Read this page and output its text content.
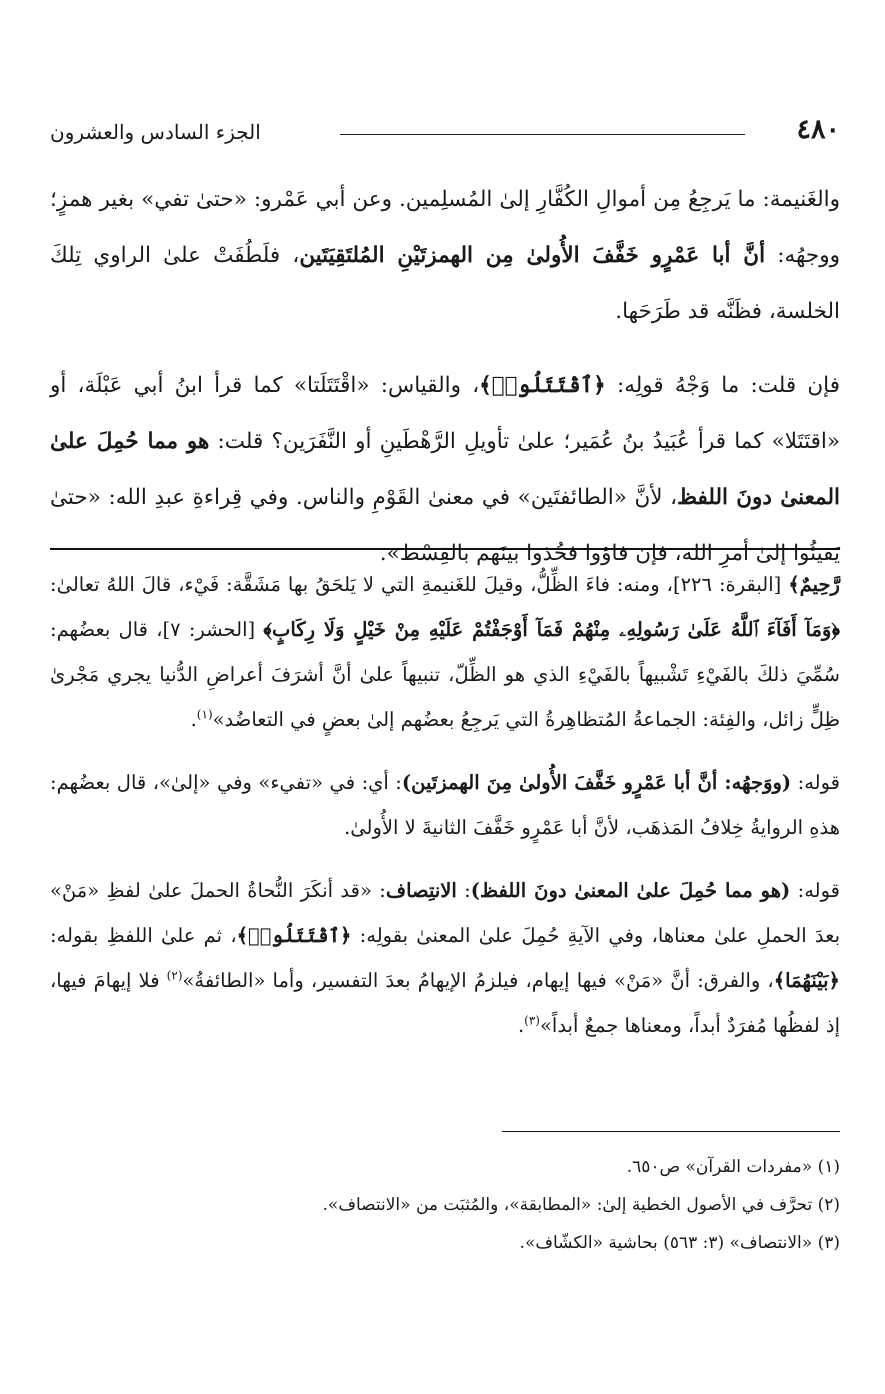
٤٨٠
الجزء السادس والعشرون

والغَنيمة: ما يَرجِعُ مِن أموالِ الكُفَّارِ إلىٰ المُسلِمين. وعن أبي عَمْرو: «حتىٰ تفي» بغير همزٍ؛ ووجهُه: أنَّ أبا عَمْرٍو خَفَّفَ الأُولىٰ مِن الهمزتَيْنِ المُلتَقِيَتَين، فلَطُفَتْ علىٰ الراوي تِلكَ الخلسة، فظَنَّه قد طَرَحَها.

فإن قلت: ما وَجْهُ قولِه: ﴿ٱقْتَتَلُوا۟﴾، والقياس: «اقْتَتَلَتا» كما قرأ ابنُ أبي عَبْلَة، أو «اقتَتَلا» كما قرأ عُبَيدُ بنُ عُمَير؛ علىٰ تأويلِ الرَّهْطَينِ أو النَّفَرَين؟ قلت: هو مما حُمِلَ علىٰ المعنىٰ دونَ اللفظ، لأنَّ «الطائفتَين» في معنىٰ القَوْمِ والناس. وفي قِراءةِ عبدِ الله: «حتىٰ يَفيئُوا إلىٰ أمرِ الله، فإن فاؤوا فخُذوا بينَهم بالقِسْط».

رَّحِيمٌ﴾ [البقرة: ٢٢٦]، ومنه: فاءَ الظِّلُّ، وقيلَ للغَنيمةِ التي لا يَلحَقُ بها مَشَقَّة: فَيْء، قالَ اللهُ تعالىٰ: ﴿وَمَآ أَفَآءَ ٱللَّهُ عَلَىٰ رَسُولِهِۦ مِنْهُمْ فَمَآ أَوْجَفْتُمْ عَلَيْهِ مِنْ خَيْلٍ وَلَا رِكَابٍ﴾ [الحشر: ٧]، قال بعضُهم: سُمِّيَ ذلكَ بالفَيْءِ تَشْبيهاً بالفَيْءِ الذي هو الظِّلّ، تنبيهاً علىٰ أنَّ أشرَفَ أعراضِ الدُّنيا يجري مَجْرىٰ ظِلٍّ زائل، والفِئة: الجماعةُ المُتظاهِرةُ التي يَرجِعُ بعضُهم إلىٰ بعضٍ في التعاضُد»$^{(١)}$.

قوله: (ووَجهُه: أنَّ أبا عَمْرٍو خَفَّفَ الأُولىٰ مِنَ الهمزتَين): أي: في «تفيء» وفي «إلىٰ»، قال بعضُهم: هذهِ الروايةُ خِلافُ المَذهَب، لأنَّ أبا عَمْرٍو خَفَّفَ الثانيةَ لا الأُولىٰ.

قوله: (هو مما حُمِلَ علىٰ المعنىٰ دونَ اللفظ): الانتِصاف: «قد أنكَرَ النُّحاةُ الحملَ علىٰ لفظِ «مَنْ» بعدَ الحملِ علىٰ معناها، وفي الآيةِ حُمِلَ علىٰ المعنىٰ بقولِه: ﴿ٱقْتَتَلُوا۟﴾، ثم علىٰ اللفظِ بقوله: ﴿بَيْنَهُمَا﴾، والفرق: أنَّ «مَنْ» فيها إيهام، فيلزمُ الإيهامُ بعدَ التفسير، وأما «الطائفةُ»$^{(٢)}$ فلا إيهامَ فيها، إذ لفظُها مُفرَدٌ أبداً، ومعناها جمعٌ أبداً»$^{(٣)}$.

(١) «مفردات القرآن» ص٦٥٠.

(٢) تحرَّف في الأصول الخطية إلىٰ: «المطابقة»، والمُثبَت من «الانتصاف».

(٣) «الانتصاف» (٣: ٥٦٣) بحاشية «الكشّاف».
